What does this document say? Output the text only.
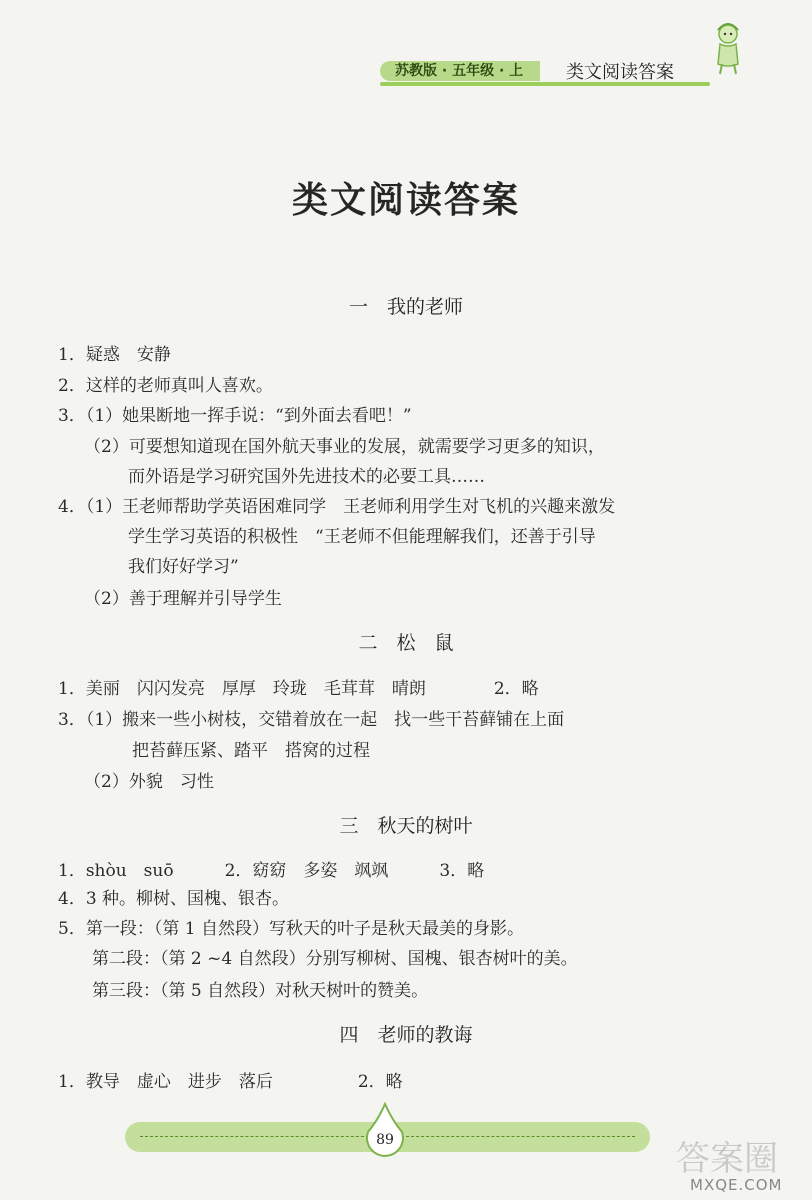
苏教版 · 五年级 · 上 类文阅读答案
类文阅读答案
一　我的老师
1．疑惑　安静
2．这样的老师真叫人喜欢。
3．（1）她果断地一挥手说：“到外面去看吧！”
（2）可要想知道现在国外航天事业的发展，就需要学习更多的知识，
而外语是学习研究国外先进技术的必要工具……
4．（1）王老师帮助学英语困难同学　王老师利用学生对飞机的兴趣来激发
学生学习英语的积极性　“王老师不但能理解我们，还善于引导
我们好好学习”
（2）善于理解并引导学生
二　松　鼠
1．美丽　闪闪发亮　厚厚　玲珑　毛茸茸　晴朗　　　　2．略
3．（1）搬来一些小树枝，交错着放在一起　找一些干苔藓铺在上面
把苔藓压紧、踏平　搭窝的过程
（2）外貌　习性
三　秋天的树叶
1．shòu　suō　　　2．窈窈　多姿　飒飒　　　3．略
4．3 种。柳树、国槐、银杏。
5．第一段：（第 1 自然段）写秋天的叶子是秋天最美的身影。
第二段：（第 2 ~4 自然段）分别写柳树、国槐、银杏树叶的美。
第三段：（第 5 自然段）对秋天树叶的赞美。
四　老师的教诲
1．教导　虚心　进步　落后　　　　　2．略
89	答案圈
MXQE.COM
